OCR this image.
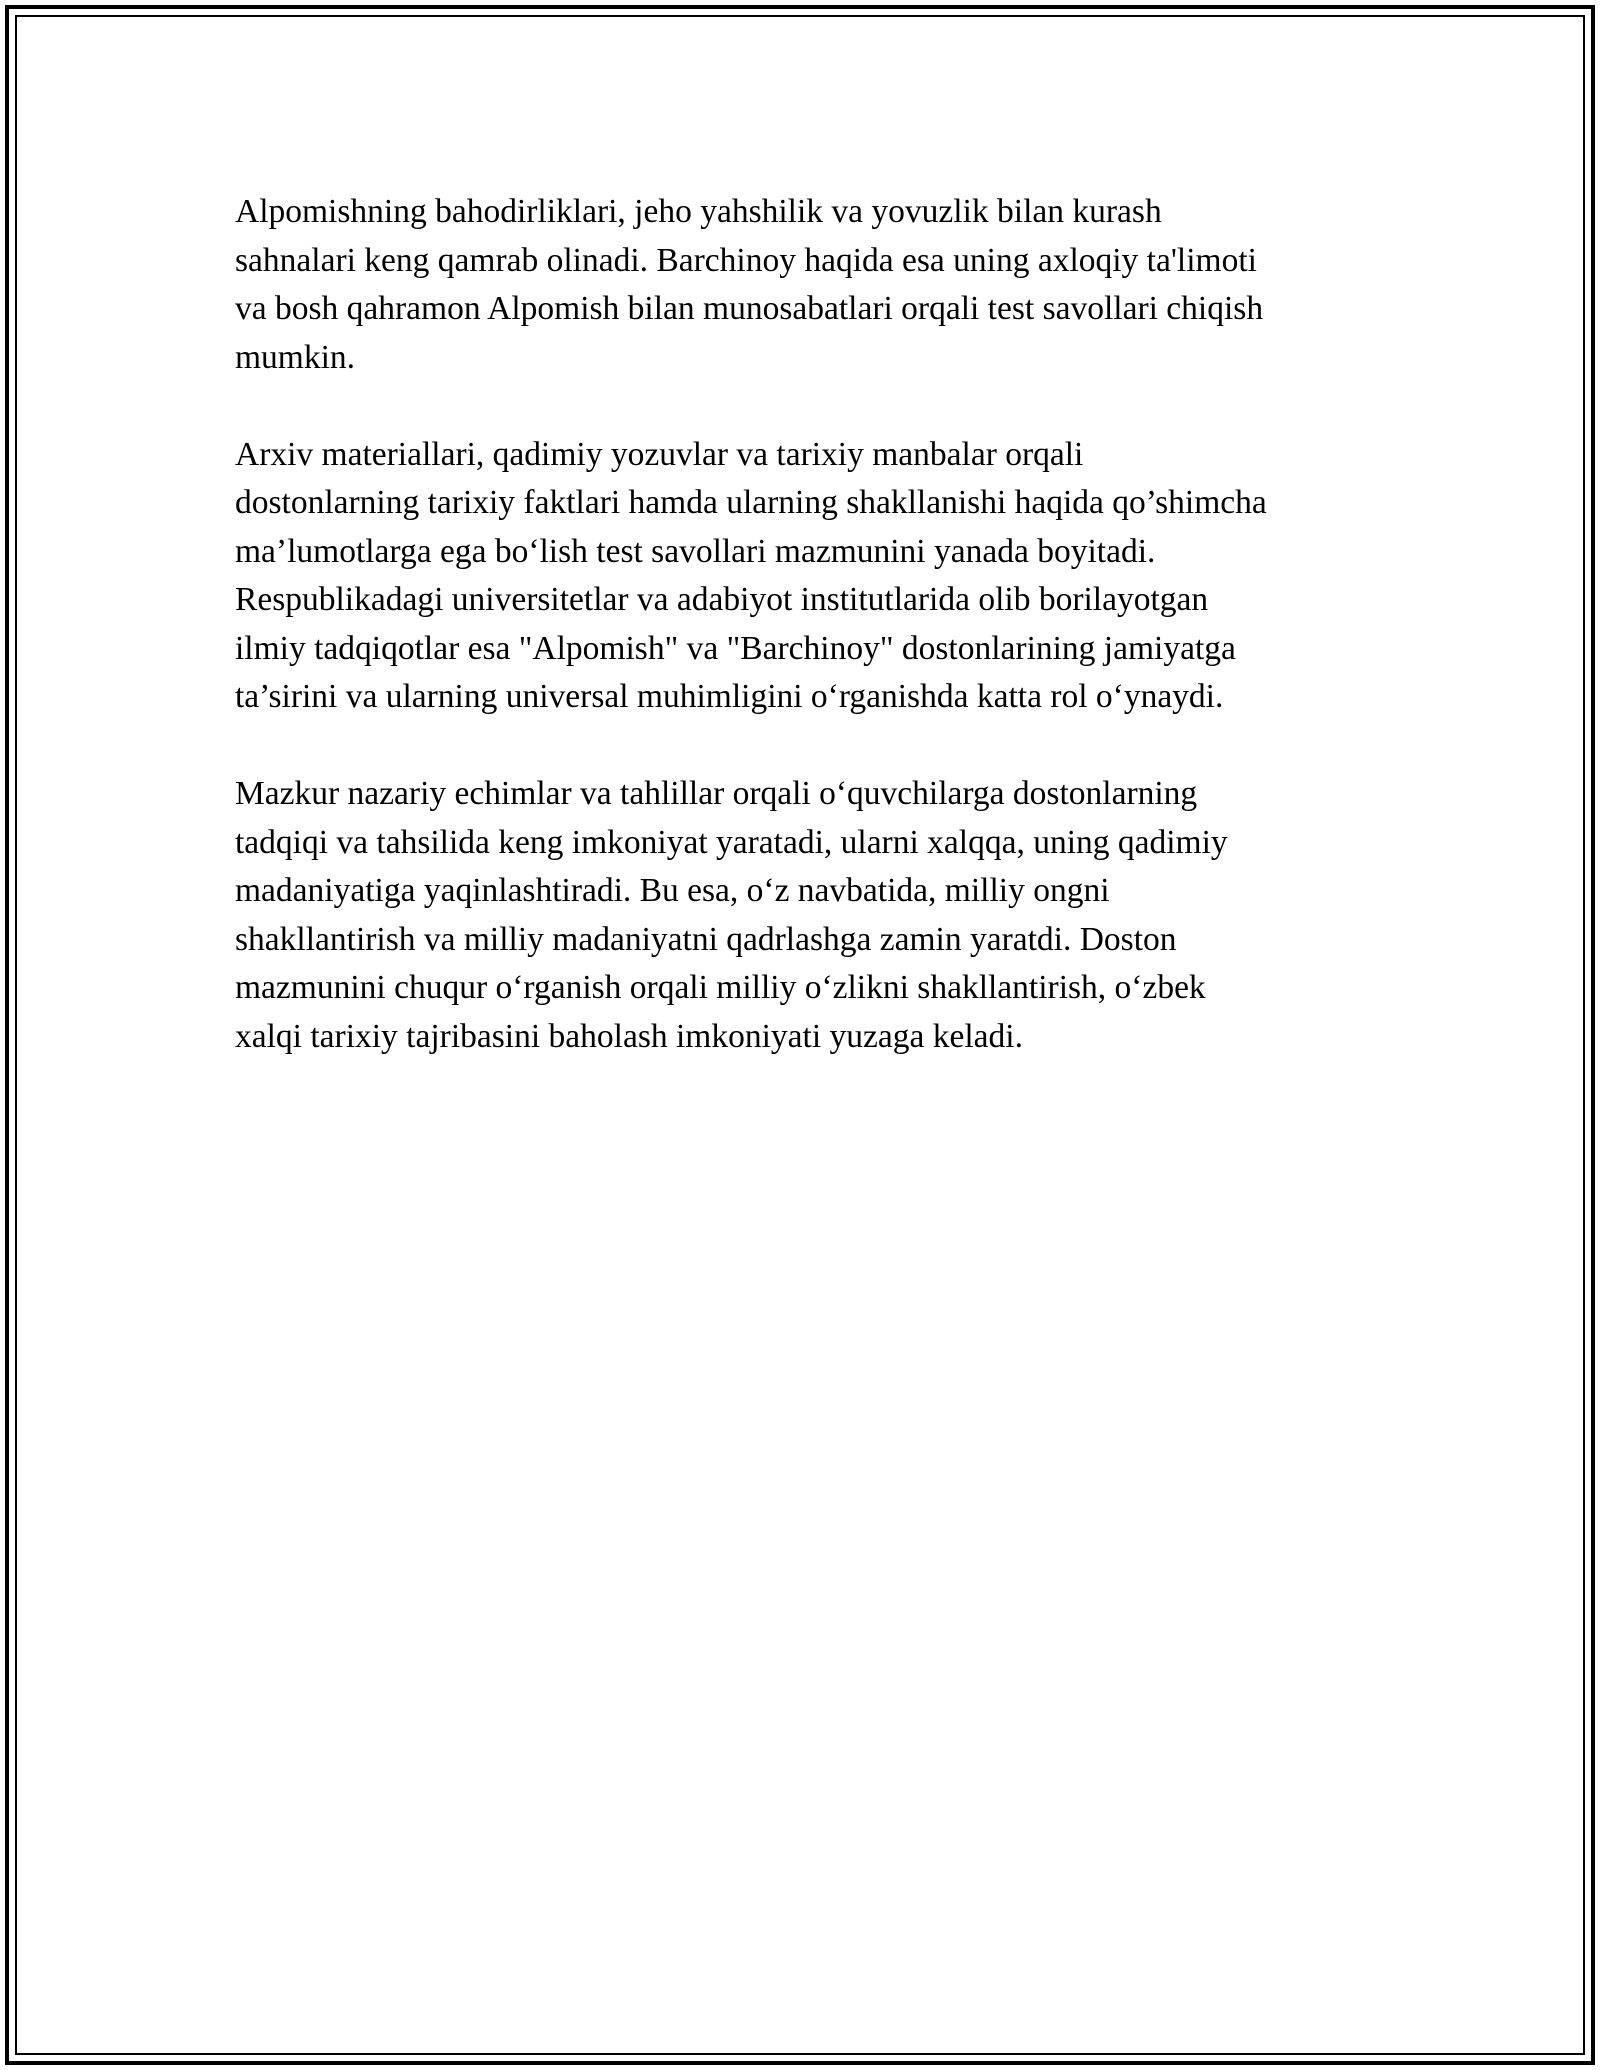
Alpomishning bahodirliklari, jeho yahshilik va yovuzlik bilan kurash
sahnalari keng qamrab olinadi. Barchinoy haqida esa uning axloqiy ta'limoti
va bosh qahramon Alpomish bilan munosabatlari orqali test savollari chiqish
mumkin.

Arxiv materiallari, qadimiy yozuvlar va tarixiy manbalar orqali
dostonlarning tarixiy faktlari hamda ularning shakllanishi haqida qo’shimcha
ma’lumotlarga ega bo‘lish test savollari mazmunini yanada boyitadi.
Respublikadagi universitetlar va adabiyot institutlarida olib borilayotgan
ilmiy tadqiqotlar esa "Alpomish" va "Barchinoy" dostonlarining jamiyatga
ta’sirini va ularning universal muhimligini o‘rganishda katta rol o‘ynaydi.

Mazkur nazariy echimlar va tahlillar orqali o‘quvchilarga dostonlarning
tadqiqi va tahsilida keng imkoniyat yaratadi, ularni xalqqa, uning qadimiy
madaniyatiga yaqinlashtiradi. Bu esa, o‘z navbatida, milliy ongni
shakllantirish va milliy madaniyatni qadrlashga zamin yaratdi. Doston
mazmunini chuqur o‘rganish orqali milliy o‘zlikni shakllantirish, o‘zbek
xalqi tarixiy tajribasini baholash imkoniyati yuzaga keladi.
